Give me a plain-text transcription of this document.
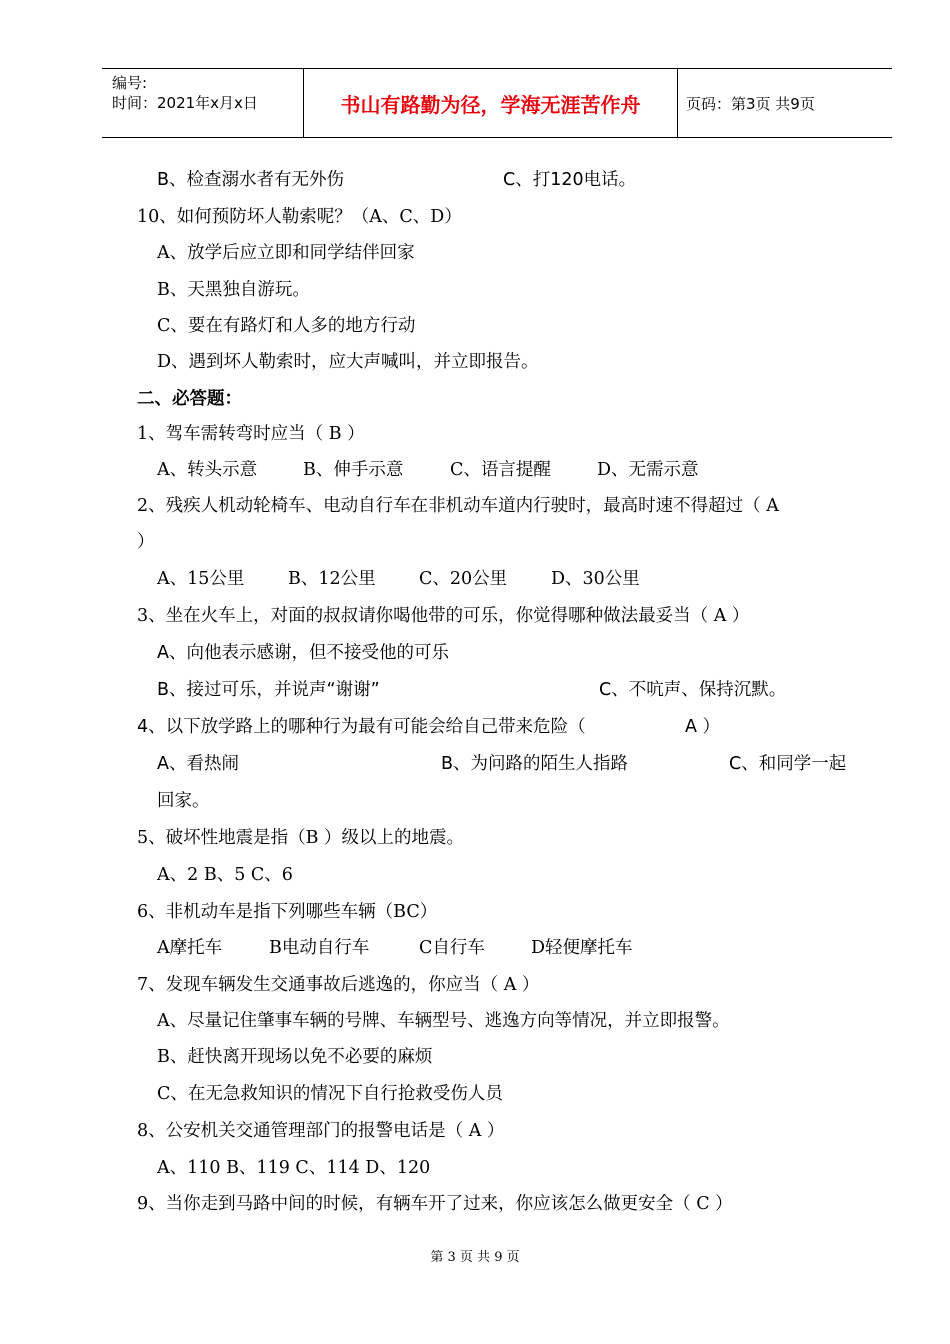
编号:
时间：2021年x月x日	书山有路勤为径，学海无涯苦作舟	页码：第3页 共9页
B、检查溺水者有无外伤	C、打120电话。
10、如何预防坏人勒索呢？（A、C、D）
A、放学后应立即和同学结伴回家
B、天黑独自游玩。
C、要在有路灯和人多的地方行动
D、遇到坏人勒索时，应大声喊叫，并立即报告。
二、必答题：
1、驾车需转弯时应当（ B ）
A、转头示意	B、伸手示意	C、语言提醒	D、无需示意
2、残疾人机动轮椅车、电动自行车在非机动车道内行驶时，最高时速不得超过（ A
）
A、15公里 B、12公里 C、20公里	D、30公里
3、坐在火车上，对面的叔叔请你喝他带的可乐，你觉得哪种做法最妥当（ A ）
A、向他表示感谢，但不接受他的可乐
B、接过可乐，并说声“谢谢”	C、不吭声、保持沉默。
4、以下放学路上的哪种行为最有可能会给自己带来危险（	A ）
A、看热闹	B、为问路的陌生人指路	C、和同学一起
回家。
5、破坏性地震是指（B ）级以上的地震。
A、2 B、5 C、6
6、非机动车是指下列哪些车辆（BC）
A摩托车	B电动自行车	C自行车	D轻便摩托车
7、发现车辆发生交通事故后逃逸的，你应当（ A ）
A、尽量记住肇事车辆的号牌、车辆型号、逃逸方向等情况，并立即报警。
B、赶快离开现场以免不必要的麻烦
C、在无急救知识的情况下自行抢救受伤人员
8、公安机关交通管理部门的报警电话是（ A ）
A、110 B、119 C、114 D、120
9、当你走到马路中间的时候，有辆车开了过来，你应该怎么做更安全（ C ）
第 3 页 共 9 页
